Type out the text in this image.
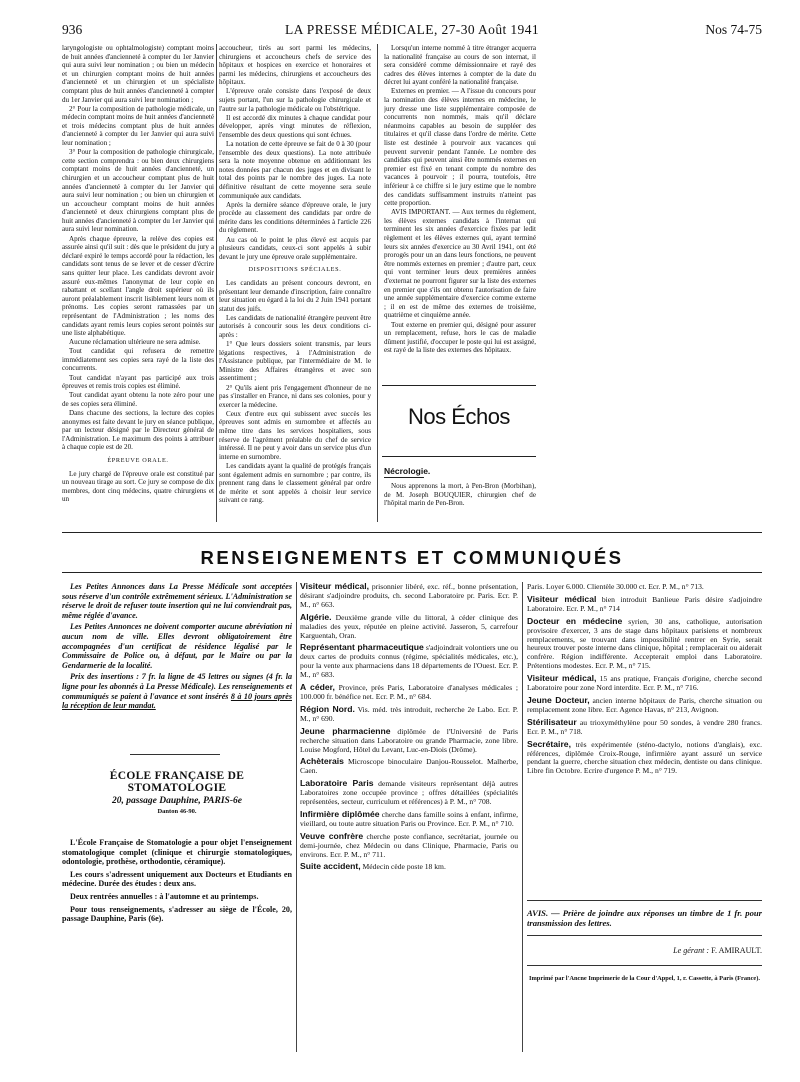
936	LA PRESSE MÉDICALE, 27-30 Août 1941	Nos 74-75

laryngologiste ou ophtalmologiste) comptant moins de huit années d'ancienneté à compter du 1er Janvier qui aura suivi leur nomination ; ou bien un médecin et un chirurgien comptant moins de huit années d'ancienneté et un chirurgien et un spécialiste comptant plus de huit années d'ancienneté à compter du 1er Janvier qui aura suivi leur nomination ;

2° Pour la composition de pathologie médicale, un médecin comptant moins de huit années d'ancienneté et trois médecins comptant plus de huit années d'ancienneté à compter du 1er Janvier qui aura suivi leur nomination ;

3° Pour la composition de pathologie chirurgicale, cette section comprendra : ou bien deux chirurgiens comptant moins de huit années d'ancienneté, un chirurgien et un accoucheur comptant plus de huit années d'ancienneté à compter du 1er Janvier qui aura suivi leur nomination ; ou bien un chirurgien et un accoucheur comptant moins de huit années d'ancienneté et deux chirurgiens comptant plus de huit années d'ancienneté à compter du 1er Janvier qui aura suivi leur nomination.

Après chaque épreuve, la relève des copies est assurée ainsi qu'il suit : dès que le président du jury a déclaré expiré le temps accordé pour la rédaction, les candidats sont tenus de se lever et de cesser d'écrire sans quitter leur place. Les candidats devront avoir assuré eux-mêmes l'anonymat de leur copie en rabattant et scellant l'angle droit supérieur où ils auront préalablement inscrit lisiblement leurs nom et prénoms. Les copies seront ramassées par un représentant de l'Administration ; les noms des candidats ayant remis leurs copies seront pointés sur une liste alphabétique.

Aucune réclamation ultérieure ne sera admise.

Tout candidat qui refusera de remettre immédiatement ses copies sera rayé de la liste des concurrents.

Tout candidat n'ayant pas participé aux trois épreuves et remis trois copies est éliminé.

Tout candidat ayant obtenu la note zéro pour une de ses copies sera éliminé.

Dans chacune des sections, la lecture des copies anonymes est faite devant le jury en séance publique, par un lecteur désigné par le Directeur général de l'Administration. Le maximum des points à attribuer à chaque copie est de 20.

ÉPREUVE ORALE.

Le jury chargé de l'épreuve orale est constitué par un nouveau tirage au sort. Ce jury se compose de dix membres, dont cinq médecins, quatre chirurgiens et un

accoucheur, tirés au sort parmi les médecins, chirurgiens et accoucheurs chefs de service des hôpitaux et hospices en exercice et honoraires et parmi les médecins, chirurgiens et accoucheurs des hôpitaux.

L'épreuve orale consiste dans l'exposé de deux sujets portant, l'un sur la pathologie chirurgicale et l'autre sur la pathologie médicale ou l'obstétrique.

Il est accordé dix minutes à chaque candidat pour développer, après vingt minutes de réflexion, l'ensemble des deux questions qui sont échues.

La notation de cette épreuve se fait de 0 à 30 (pour l'ensemble des deux questions). La note attribuée sera la note moyenne obtenue en additionnant les notes données par chacun des juges et en divisant le total des points par le nombre des juges. La note définitive résultant de cette moyenne sera seule communiquée aux candidats.

Après la dernière séance d'épreuve orale, le jury procède au classement des candidats par ordre de mérite dans les conditions déterminées à l'article 226 du règlement.

Au cas où le point le plus élevé est acquis par plusieurs candidats, ceux-ci sont appelés à subir devant le jury une épreuve orale supplémentaire.

DISPOSITIONS SPÉCIALES.

Les candidats au présent concours devront, en présentant leur demande d'inscription, faire connaître leur situation eu égard à la loi du 2 Juin 1941 portant statut des juifs.

Les candidats de nationalité étrangère peuvent être autorisés à concourir sous les deux conditions ci-après :

1° Que leurs dossiers soient transmis, par leurs légations respectives, à l'Administration de l'Assistance publique, par l'intermédiaire de M. le Ministre des Affaires étrangères et avec son assentiment ;

2° Qu'ils aient pris l'engagement d'honneur de ne pas s'installer en France, ni dans ses colonies, pour y exercer la médecine.

Ceux d'entre eux qui subissent avec succès les épreuves sont admis en surnombre et affectés au même titre dans les services hospitaliers, sous réserve de l'agrément préalable du chef de service intéressé. Il ne peut y avoir dans un service plus d'un interne en surnombre.

Les candidats ayant la qualité de protégés français sont également admis en surnombre ; par contre, ils prennent rang dans le classement général par ordre de mérite et sont appelés à choisir leur service suivant ce rang.

Lorsqu'un interne nommé à titre étranger acquerra la nationalité française au cours de son internat, il sera considéré comme démissionnaire et rayé des cadres des élèves internes à compter de la date du décret lui ayant conféré la nationalité française.

Externes en premier. — A l'issue du concours pour la nomination des élèves internes en médecine, le jury dresse une liste supplémentaire composée de concurrents non nommés, mais qu'il déclare néanmoins capables au besoin de suppléer des titulaires et qu'il classe dans l'ordre de mérite. Cette liste est destinée à pourvoir aux vacances qui peuvent survenir pendant l'année. Le nombre des candidats qui peuvent ainsi être nommés externes en premier est fixé en tenant compte du nombre des vacances à pourvoir ; il pourra, toutefois, être inférieur à ce chiffre si le jury estime que le nombre des candidats suffisamment instruits n'atteint pas cette proportion.

AVIS IMPORTANT. — Aux termes du règlement, les élèves externes candidats à l'internat qui terminent les six années d'exercice fixées par ledit règlement et les élèves externes qui, ayant terminé leurs six années d'exercice au 30 Avril 1941, ont été prorogés pour un an dans leurs fonctions, ne peuvent être nommés externes en premier ; d'autre part, ceux qui vont terminer leurs deux premières années d'externat ne pourront figurer sur la liste des externes en premier que s'ils ont obtenu l'autorisation de faire une année supplémentaire d'exercice comme externe ; il en est de même des externes de troisième, quatrième et cinquième année.

Tout externe en premier qui, désigné pour assurer un remplacement, refuse, hors le cas de maladie dûment justifié, d'occuper le poste qui lui est assigné, est rayé de la liste des externes des hôpitaux.

Nos Échos
Nécrologie.

Nous apprenons la mort, à Pen-Bron (Morbihan), de M. Joseph BOUQUIER, chirurgien chef de l'hôpital marin de Pen-Bron.

RENSEIGNEMENTS ET COMMUNIQUÉS

Les Petites Annonces dans La Presse Médicale sont acceptées sous réserve d'un contrôle extrêmement sérieux. L'Administration se réserve le droit de refuser toute insertion qui ne lui conviendrait pas, même réglée d'avance.

Les Petites Annonces ne doivent comporter aucune abréviation ni aucun nom de ville. Elles devront obligatoirement être accompagnées d'un certificat de résidence légalisé par le Commissaire de Police ou, à défaut, par le Maire ou par la Gendarmerie de la localité.

Prix des insertions : 7 fr. la ligne de 45 lettres ou signes (4 fr. la ligne pour les abonnés à La Presse Médicale). Les renseignements et communiqués se paient à l'avance et sont insérés 8 à 10 jours après la réception de leur mandat.

ÉCOLE FRANÇAISE DE STOMATOLOGIE
20, passage Dauphine, PARIS-6e
Danton 46-90.

L'École Française de Stomatologie a pour objet l'enseignement stomatologique complet (clinique et chirurgie stomatologiques, odontologie, prothèse, orthodontie, céramique).

Les cours s'adressent uniquement aux Docteurs et Etudiants en médecine. Durée des études : deux ans.

Deux rentrées annuelles : à l'automne et au printemps.

Pour tous renseignements, s'adresser au siège de l'École, 20, passage Dauphine, Paris (6e).

Visiteur médical, prisonnier libéré, exc. réf., bonne présentation, désirant s'adjoindre produits, ch. second Laboratoire pr. Paris. Ecr. P. M., n° 663.

Algérie. Deuxième grande ville du littoral, à céder clinique des maladies des yeux, réputée en pleine activité. Jasseron, 5, carrefour Karguentah, Oran.

Représentant pharmaceutique s'adjoindrait volontiers une ou deux cartes de produits connus (régime, spécialités médicales, etc.), pour la vente aux pharmaciens dans 18 départements de l'Ouest. Ecr. P. M., n° 683.

A céder, Province, près Paris, Laboratoire d'analyses médicales ; 100.000 fr. bénéfice net. Ecr. P. M., n° 684.

Région Nord. Vis. méd. très introduit, recherche 2e Labo. Ecr. P. M., n° 690.

Jeune pharmacienne diplômée de l'Université de Paris recherche situation dans Laboratoire ou grande Pharmacie, zone libre. Louise Mogford, Hôtel du Levant, Luc-en-Diois (Drôme).

Achèterais Microscope binoculaire Danjou-Rousselot. Malherbe, Caen.

Laboratoire Paris demande visiteurs représentant déjà autres Laboratoires zone occupée province ; offres détaillées (spécialités représentées, secteur, curriculum et références) à P. M., n° 708.

Infirmière diplômée cherche dans famille soins à enfant, infirme, vieillard, ou toute autre situation Paris ou Province. Ecr. P. M., n° 710.

Veuve confrère cherche poste confiance, secrétariat, journée ou demi-journée, chez Médecin ou dans Clinique, Pharmacie, Paris ou environs. Ecr. P. M., n° 711.

Suite accident, Médecin cède poste 18 km.

Paris. Loyer 6.000. Clientèle 30.000 ct. Ecr. P. M., n° 713.

Visiteur médical bien introduit Banlieue Paris désire s'adjoindre Laboratoire. Ecr. P. M., n° 714

Docteur en médecine syrien, 30 ans, catholique, autorisation provisoire d'exercer, 3 ans de stage dans hôpitaux parisiens et nombreux remplacements, se trouvant dans impossibilité rentrer en Syrie, serait heureux trouver poste interne dans clinique, hôpital ; remplacerait ou aiderait confrère. Région indifférente. Accepterait emploi dans Laboratoire. Prétentions modestes. Ecr. P. M., n° 715.

Visiteur médical, 15 ans pratique, Français d'origine, cherche second Laboratoire pour zone Nord interdite. Ecr. P. M., n° 716.

Jeune Docteur, ancien interne hôpitaux de Paris, cherche situation ou remplacement zone libre. Ecr. Agence Havas, n° 213, Avignon.

Stérilisateur au trioxyméthylène pour 50 sondes, à vendre 280 francs. Ecr. P. M., n° 718.

Secrétaire, très expérimentée (sténo-dactylo, notions d'anglais), exc. références, diplômée Croix-Rouge, infirmière ayant assuré un service pendant la guerre, cherche situation chez médecin, dentiste ou dans clinique. Libre fin Octobre. Ecrire d'urgence P. M., n° 719.

AVIS. — Prière de joindre aux réponses un timbre de 1 fr. pour transmission des lettres.
Le gérant : F. AMIRAULT.
Imprimé par l'Ancne Imprimerie de la Cour d'Appel, 1, r. Cassette, à Paris (France).
